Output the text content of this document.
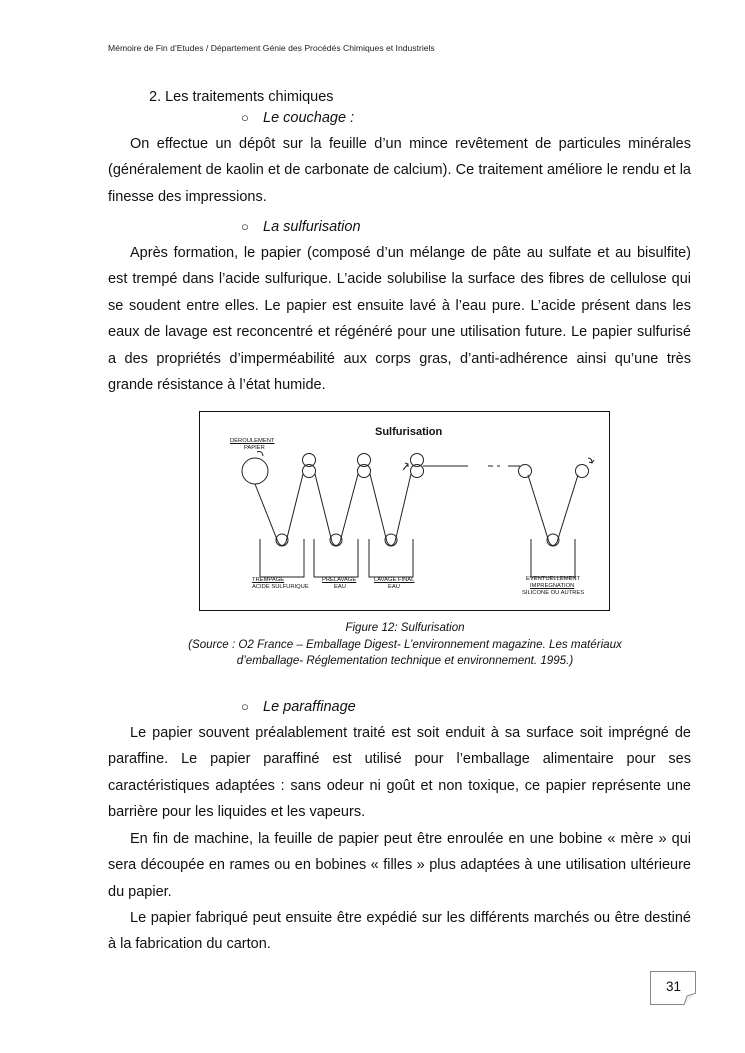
Mémoire de Fin d’Etudes / Département Génie des Procédés Chimiques et Industriels
2. Les traitements chimiques
○ Le couchage :

On effectue un dépôt sur la feuille d’un mince revêtement de particules minérales (généralement de kaolin et de carbonate de calcium). Ce traitement améliore le rendu et la finesse des impressions.

○ La sulfurisation

Après formation, le papier (composé d’un mélange de pâte au sulfate et au bisulfite) est trempé dans l’acide sulfurique. L’acide solubilise la surface des fibres de cellulose qui se soudent entre elles. Le papier est ensuite lavé à l’eau pure. L’acide présent dans les eaux de lavage est reconcentré et régénéré pour une utilisation future. Le papier sulfurisé a des propriétés d’imperméabilité aux corps gras, d’anti-adhérence ainsi qu’une très grande résistance à l’état humide.

Sulfurisation
DÉROULEMENT
PAPIER
TREMPAGE
ACIDE SULFURIQUE
PRELAVAGE
EAU
LAVAGE FINAL
EAU
EVENTUELLEMENT
IMPREGNATION
SILICONE OU AUTRES
Figure 12: Sulfurisation
(Source : O2 France – Emballage Digest- L’environnement magazine. Les matériaux
d’emballage- Réglementation technique et environnement. 1995.)
○ Le paraffinage

Le papier souvent préalablement traité est soit enduit à sa surface soit imprégné de paraffine. Le papier paraffiné est utilisé pour l’emballage alimentaire pour ses caractéristiques adaptées : sans odeur ni goût et non toxique, ce papier représente une barrière pour les liquides et les vapeurs.

En fin de machine, la feuille de papier peut être enroulée en une bobine « mère » qui sera découpée en rames ou en bobines « filles » plus adaptées à une utilisation ultérieure du papier.

Le papier fabriqué peut ensuite être expédié sur les différents marchés ou être destiné à la fabrication du carton.

31
